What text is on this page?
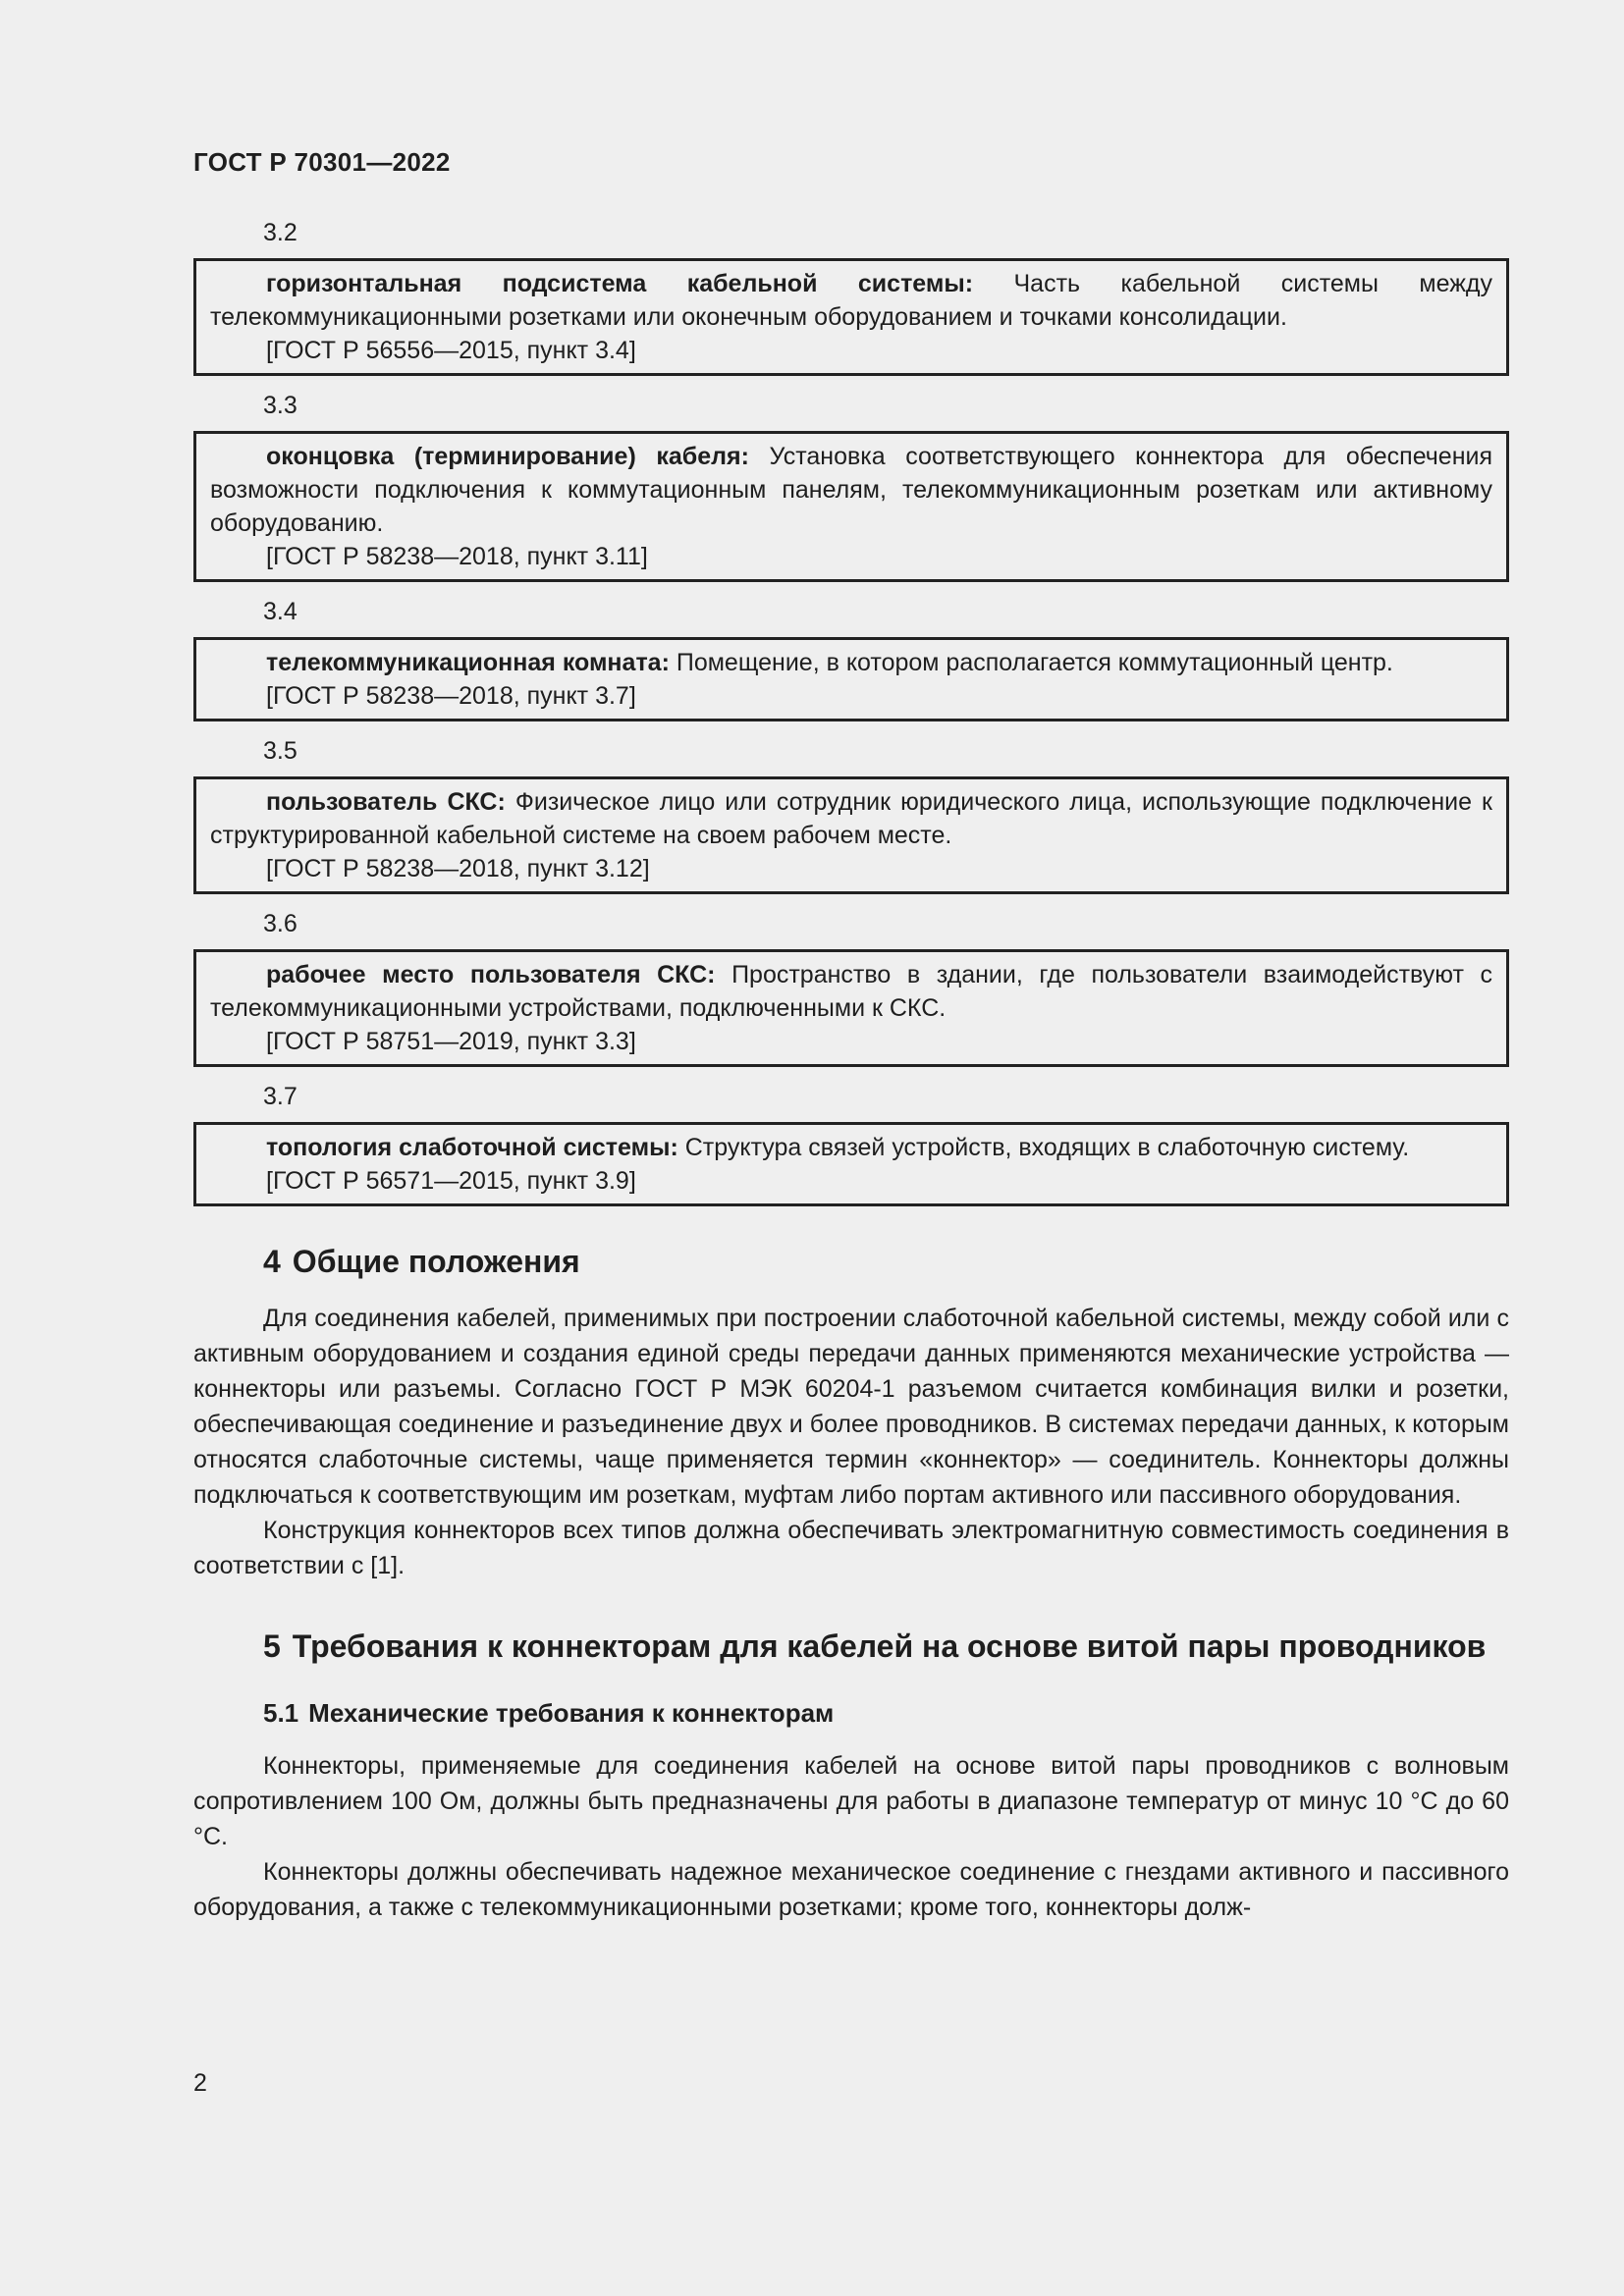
ГОСТ Р 70301—2022
3.2

горизонтальная подсистема кабельной системы: Часть кабельной системы между телекоммуникационными розетками или оконечным оборудованием и точками консолидации.

[ГОСТ Р 56556—2015, пункт 3.4]

3.3

оконцовка (терминирование) кабеля: Установка соответствующего коннектора для обеспечения возможности подключения к коммутационным панелям, телекоммуникационным розеткам или активному оборудованию.

[ГОСТ Р 58238—2018, пункт 3.11]

3.4

телекоммуникационная комната: Помещение, в котором располагается коммутационный центр.

[ГОСТ Р 58238—2018, пункт 3.7]

3.5

пользователь СКС: Физическое лицо или сотрудник юридического лица, использующие подключение к структурированной кабельной системе на своем рабочем месте.

[ГОСТ Р 58238—2018, пункт 3.12]

3.6

рабочее место пользователя СКС: Пространство в здании, где пользователи взаимодействуют с телекоммуникационными устройствами, подключенными к СКС.

[ГОСТ Р 58751—2019, пункт 3.3]

3.7

топология слаботочной системы: Структура связей устройств, входящих в слаботочную систему.

[ГОСТ Р 56571—2015, пункт 3.9]

4 Общие положения

Для соединения кабелей, применимых при построении слаботочной кабельной системы, между собой или с активным оборудованием и создания единой среды передачи данных применяются механические устройства — коннекторы или разъемы. Согласно ГОСТ Р МЭК 60204-1 разъемом считается комбинация вилки и розетки, обеспечивающая соединение и разъединение двух и более проводников. В системах передачи данных, к которым относятся слаботочные системы, чаще применяется термин «коннектор» — соединитель. Коннекторы должны подключаться к соответствующим им розеткам, муфтам либо портам активного или пассивного оборудования.

Конструкция коннекторов всех типов должна обеспечивать электромагнитную совместимость соединения в соответствии с [1].

5 Требования к коннекторам для кабелей на основе витой пары проводников
5.1 Механические требования к коннекторам

Коннекторы, применяемые для соединения кабелей на основе витой пары проводников с волновым сопротивлением 100 Ом, должны быть предназначены для работы в диапазоне температур от минус 10 °С до 60 °С.

Коннекторы должны обеспечивать надежное механическое соединение с гнездами активного и пассивного оборудования, а также с телекоммуникационными розетками; кроме того, коннекторы долж-

2
